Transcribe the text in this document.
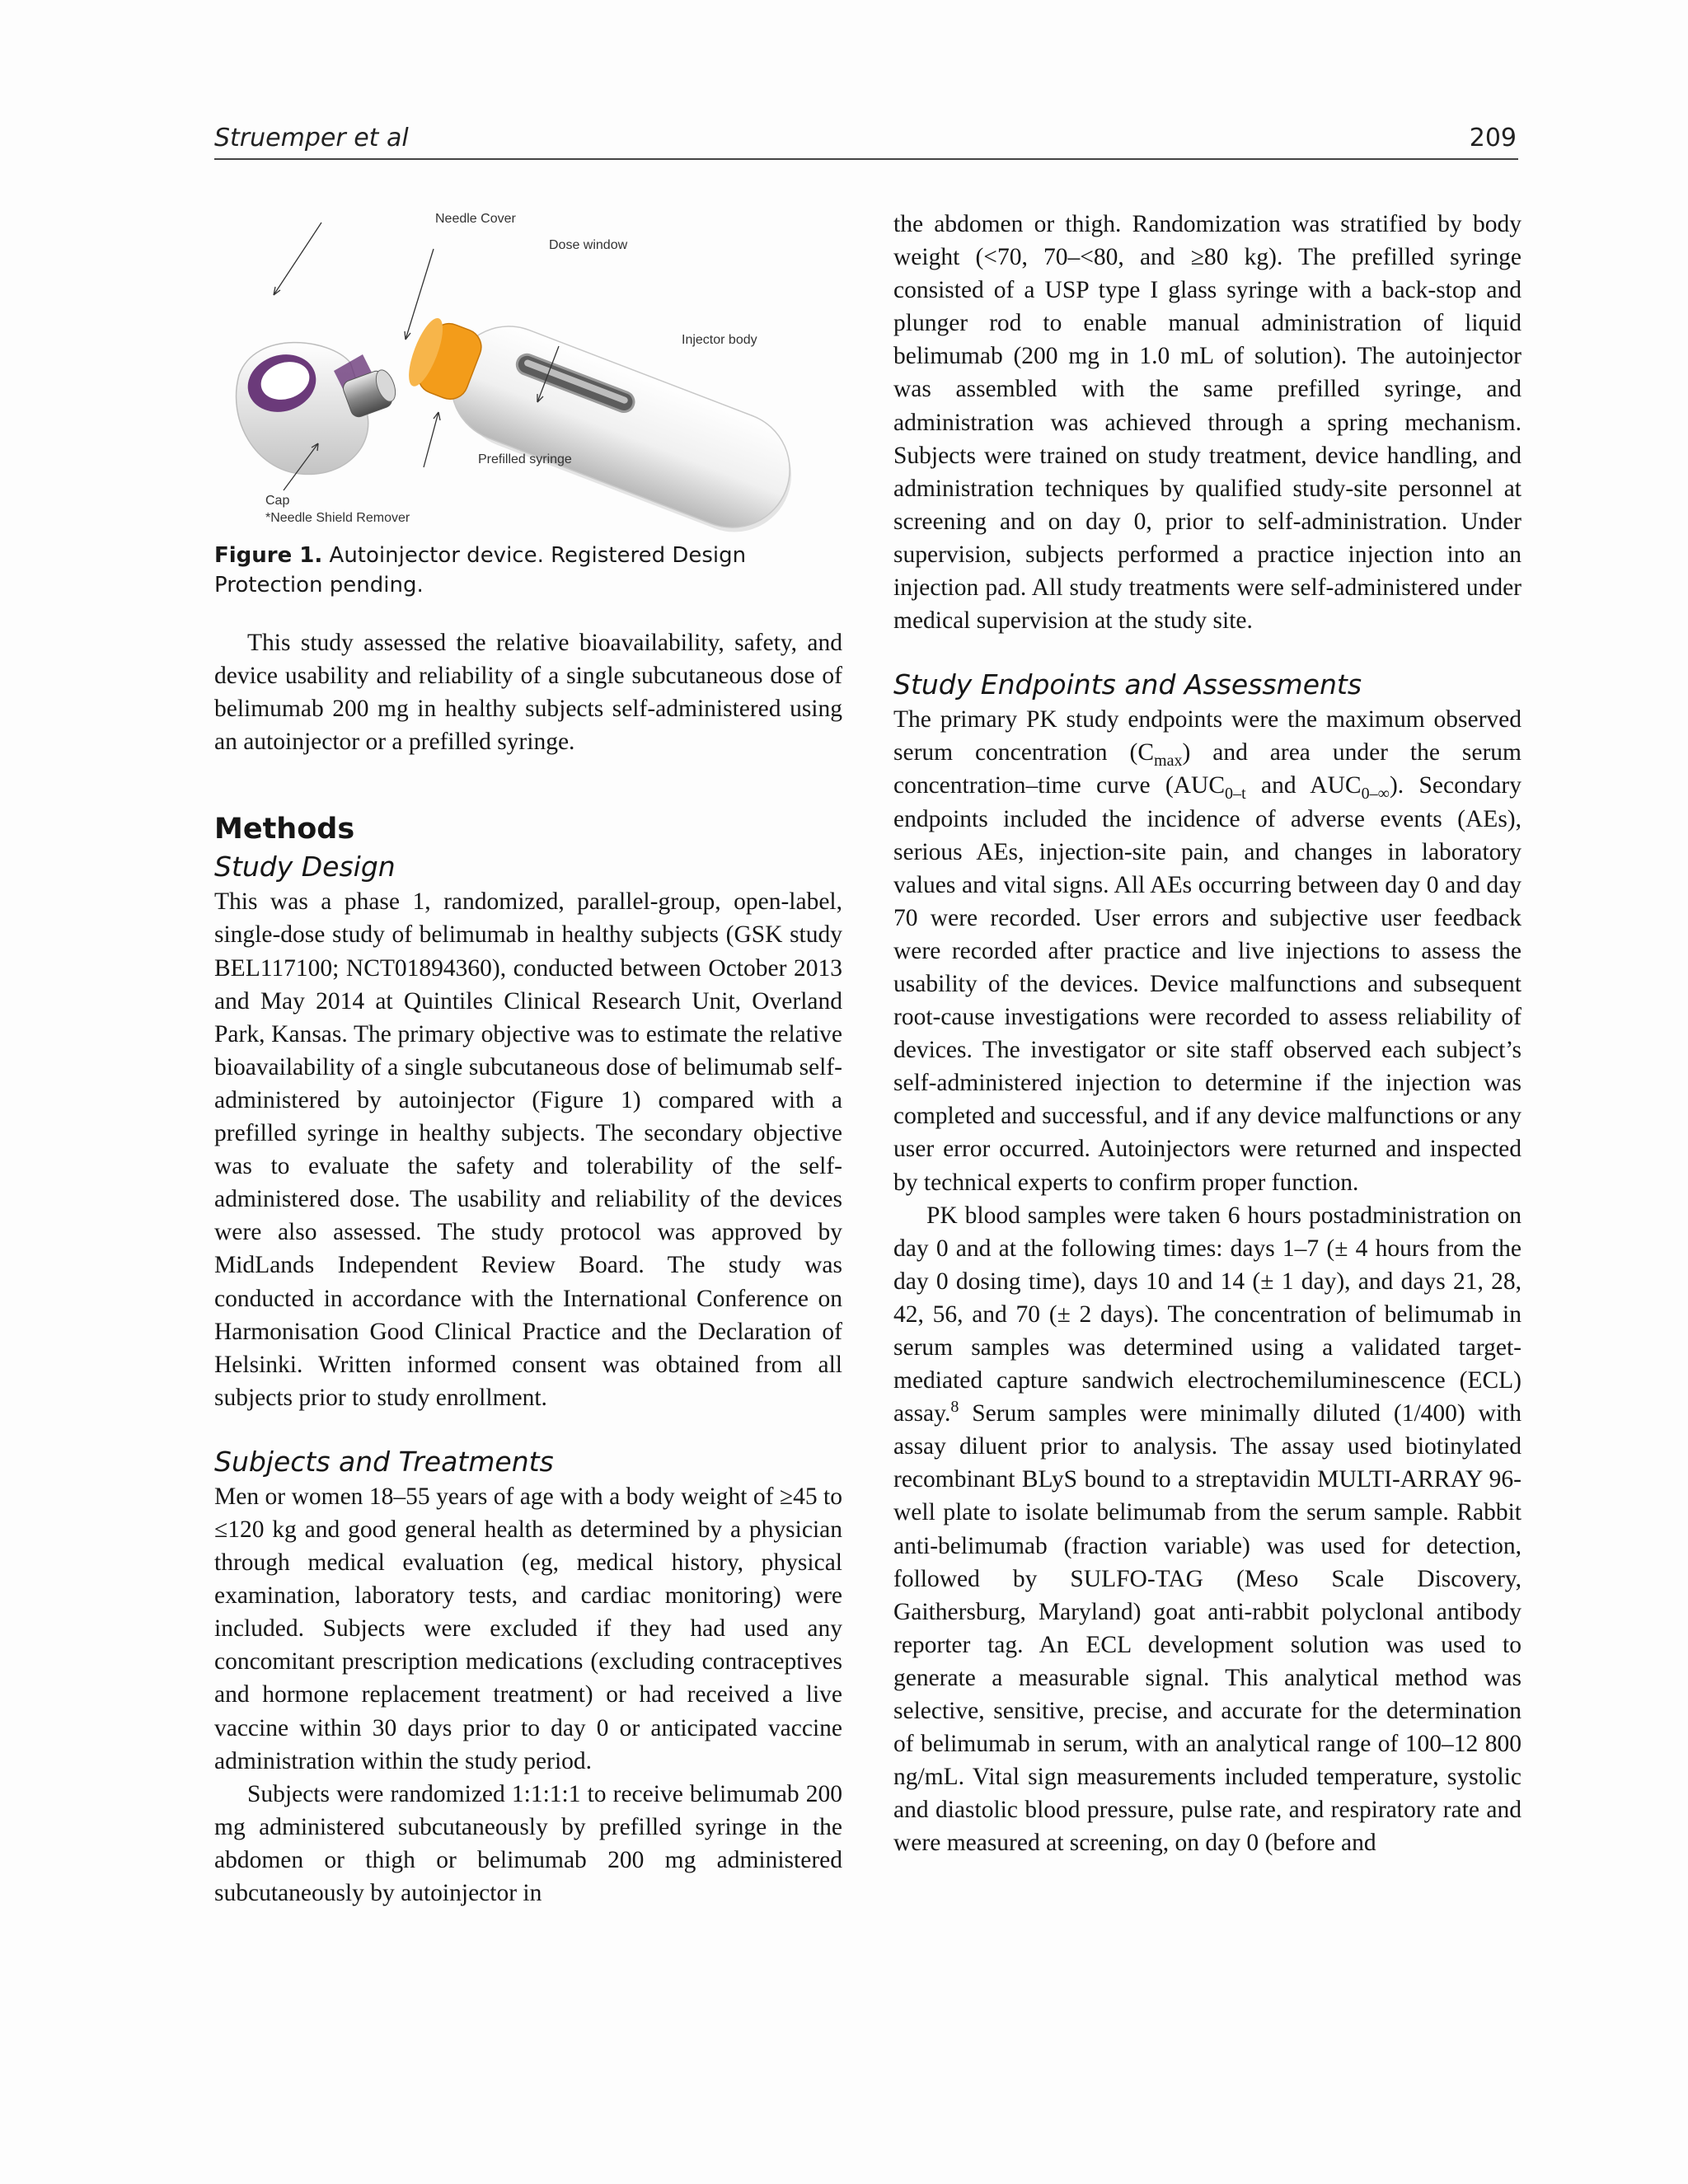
Struemper et al	209
Needle Cover
Dose window
Injector body
Prefilled syringe
Cap
*Needle Shield Remover
Figure 1. Autoinjector device. Registered Design Protection pending.

This study assessed the relative bioavailability, safety, and device usability and reliability of a single subcutaneous dose of belimumab 200 mg in healthy subjects self-administered using an autoinjector or a prefilled syringe.

Methods
Study Design

This was a phase 1, randomized, parallel-group, open-label, single-dose study of belimumab in healthy subjects (GSK study BEL117100; NCT01894360), conducted between October 2013 and May 2014 at Quintiles Clinical Research Unit, Overland Park, Kansas. The primary objective was to estimate the relative bioavailability of a single subcutaneous dose of belimumab self-administered by autoinjector (Figure 1) compared with a prefilled syringe in healthy subjects. The secondary objective was to evaluate the safety and tolerability of the self-administered dose. The usability and reliability of the devices were also assessed. The study protocol was approved by MidLands Independent Review Board. The study was conducted in accordance with the International Conference on Harmonisation Good Clinical Practice and the Declaration of Helsinki. Written informed consent was obtained from all subjects prior to study enrollment.

Subjects and Treatments

Men or women 18–55 years of age with a body weight of ≥45 to ≤120 kg and good general health as determined by a physician through medical evaluation (eg, medical history, physical examination, laboratory tests, and cardiac monitoring) were included. Subjects were excluded if they had used any concomitant prescription medications (excluding contraceptives and hormone replacement treatment) or had received a live vaccine within 30 days prior to day 0 or anticipated vaccine administration within the study period.

Subjects were randomized 1:1:1:1 to receive belimumab 200 mg administered subcutaneously by prefilled syringe in the abdomen or thigh or belimumab 200 mg administered subcutaneously by autoinjector in

the abdomen or thigh. Randomization was stratified by body weight (<70, 70–<80, and ≥80 kg). The prefilled syringe consisted of a USP type I glass syringe with a back-stop and plunger rod to enable manual administration of liquid belimumab (200 mg in 1.0 mL of solution). The autoinjector was assembled with the same prefilled syringe, and administration was achieved through a spring mechanism. Subjects were trained on study treatment, device handling, and administration techniques by qualified study-site personnel at screening and on day 0, prior to self-administration. Under supervision, subjects performed a practice injection into an injection pad. All study treatments were self-administered under medical supervision at the study site.

Study Endpoints and Assessments

The primary PK study endpoints were the maximum observed serum concentration $(C_{max})$ and area under the serum concentration–time curve ($AUC_{0-t}$ and $AUC_{0-\infty}$). Secondary endpoints included the incidence of adverse events (AEs), serious AEs, injection-site pain, and changes in laboratory values and vital signs. All AEs occurring between day 0 and day 70 were recorded. User errors and subjective user feedback were recorded after practice and live injections to assess the usability of the devices. Device malfunctions and subsequent root-cause investigations were recorded to assess reliability of devices. The investigator or site staff observed each subject’s self-administered injection to determine if the injection was completed and successful, and if any device malfunctions or any user error occurred. Autoinjectors were returned and inspected by technical experts to confirm proper function.

PK blood samples were taken 6 hours postadministration on day 0 and at the following times: days 1–7 (± 4 hours from the day 0 dosing time), days 10 and 14 (± 1 day), and days 21, 28, 42, 56, and 70 (± 2 days). The concentration of belimumab in serum samples was determined using a validated target-mediated capture sandwich electrochemiluminescence (ECL) assay.$^8$ Serum samples were minimally diluted (1/400) with assay diluent prior to analysis. The assay used biotinylated recombinant BLyS bound to a streptavidin MULTI-ARRAY 96-well plate to isolate belimumab from the serum sample. Rabbit anti-belimumab (fraction variable) was used for detection, followed by SULFO-TAG (Meso Scale Discovery, Gaithersburg, Maryland) goat anti-rabbit polyclonal antibody reporter tag. An ECL development solution was used to generate a measurable signal. This analytical method was selective, sensitive, precise, and accurate for the determination of belimumab in serum, with an analytical range of 100–12 800 ng/mL. Vital sign measurements included temperature, systolic and diastolic blood pressure, pulse rate, and respiratory rate and were measured at screening, on day 0 (before and
